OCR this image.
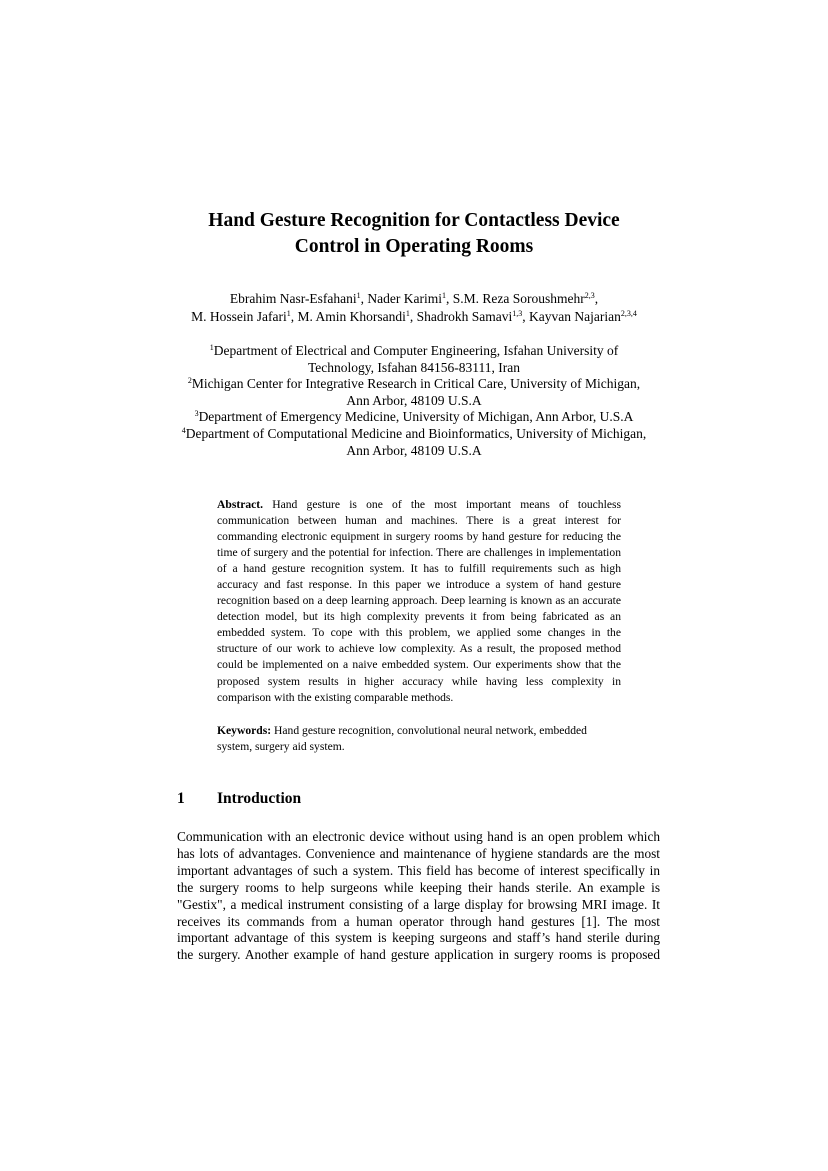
Hand Gesture Recognition for Contactless Device
Control in Operating Rooms
Ebrahim Nasr-Esfahani$^1$, Nader Karimi$^1$, S.M. Reza Soroushmehr$^{2,3}$,
M. Hossein Jafari$^1$, M. Amin Khorsandi$^1$, Shadrokh Samavi$^{1,3}$, Kayvan Najarian$^{2,3,4}$
$^1$Department of Electrical and Computer Engineering, Isfahan University of
Technology, Isfahan 84156-83111, Iran
$^2$Michigan Center for Integrative Research in Critical Care, University of Michigan,
Ann Arbor, 48109 U.S.A
$^3$Department of Emergency Medicine, University of Michigan, Ann Arbor, U.S.A
$^4$Department of Computational Medicine and Bioinformatics, University of Michigan,
Ann Arbor, 48109 U.S.A
Abstract. Hand gesture is one of the most important means of touchless communication between human and machines. There is a great interest for commanding electronic equipment in surgery rooms by hand gesture for reducing the time of surgery and the potential for infection. There are challenges in implementation of a hand gesture recognition system. It has to fulfill requirements such as high accuracy and fast response. In this paper we introduce a system of hand gesture recognition based on a deep learning approach. Deep learning is known as an accurate detection model, but its high complexity prevents it from being fabricated as an embedded system. To cope with this problem, we applied some changes in the structure of our work to achieve low complexity. As a result, the proposed method could be implemented on a naive embedded system. Our experiments show that the proposed system results in higher accuracy while having less complexity in comparison with the existing comparable methods.
Keywords: Hand gesture recognition, convolutional neural network, embedded system, surgery aid system.
1 Introduction
Communication with an electronic device without using hand is an open problem which
has lots of advantages. Convenience and maintenance of hygiene standards are the most
important advantages of such a system. This field has become of interest specifically in
the surgery rooms to help surgeons while keeping their hands sterile. An example is
"Gestix", a medical instrument consisting of a large display for browsing MRI image. It
receives its commands from a human operator through hand gestures [1]. The most
important advantage of this system is keeping surgeons and staff’s hand sterile during
the surgery. Another example of hand gesture application in surgery rooms is proposed
